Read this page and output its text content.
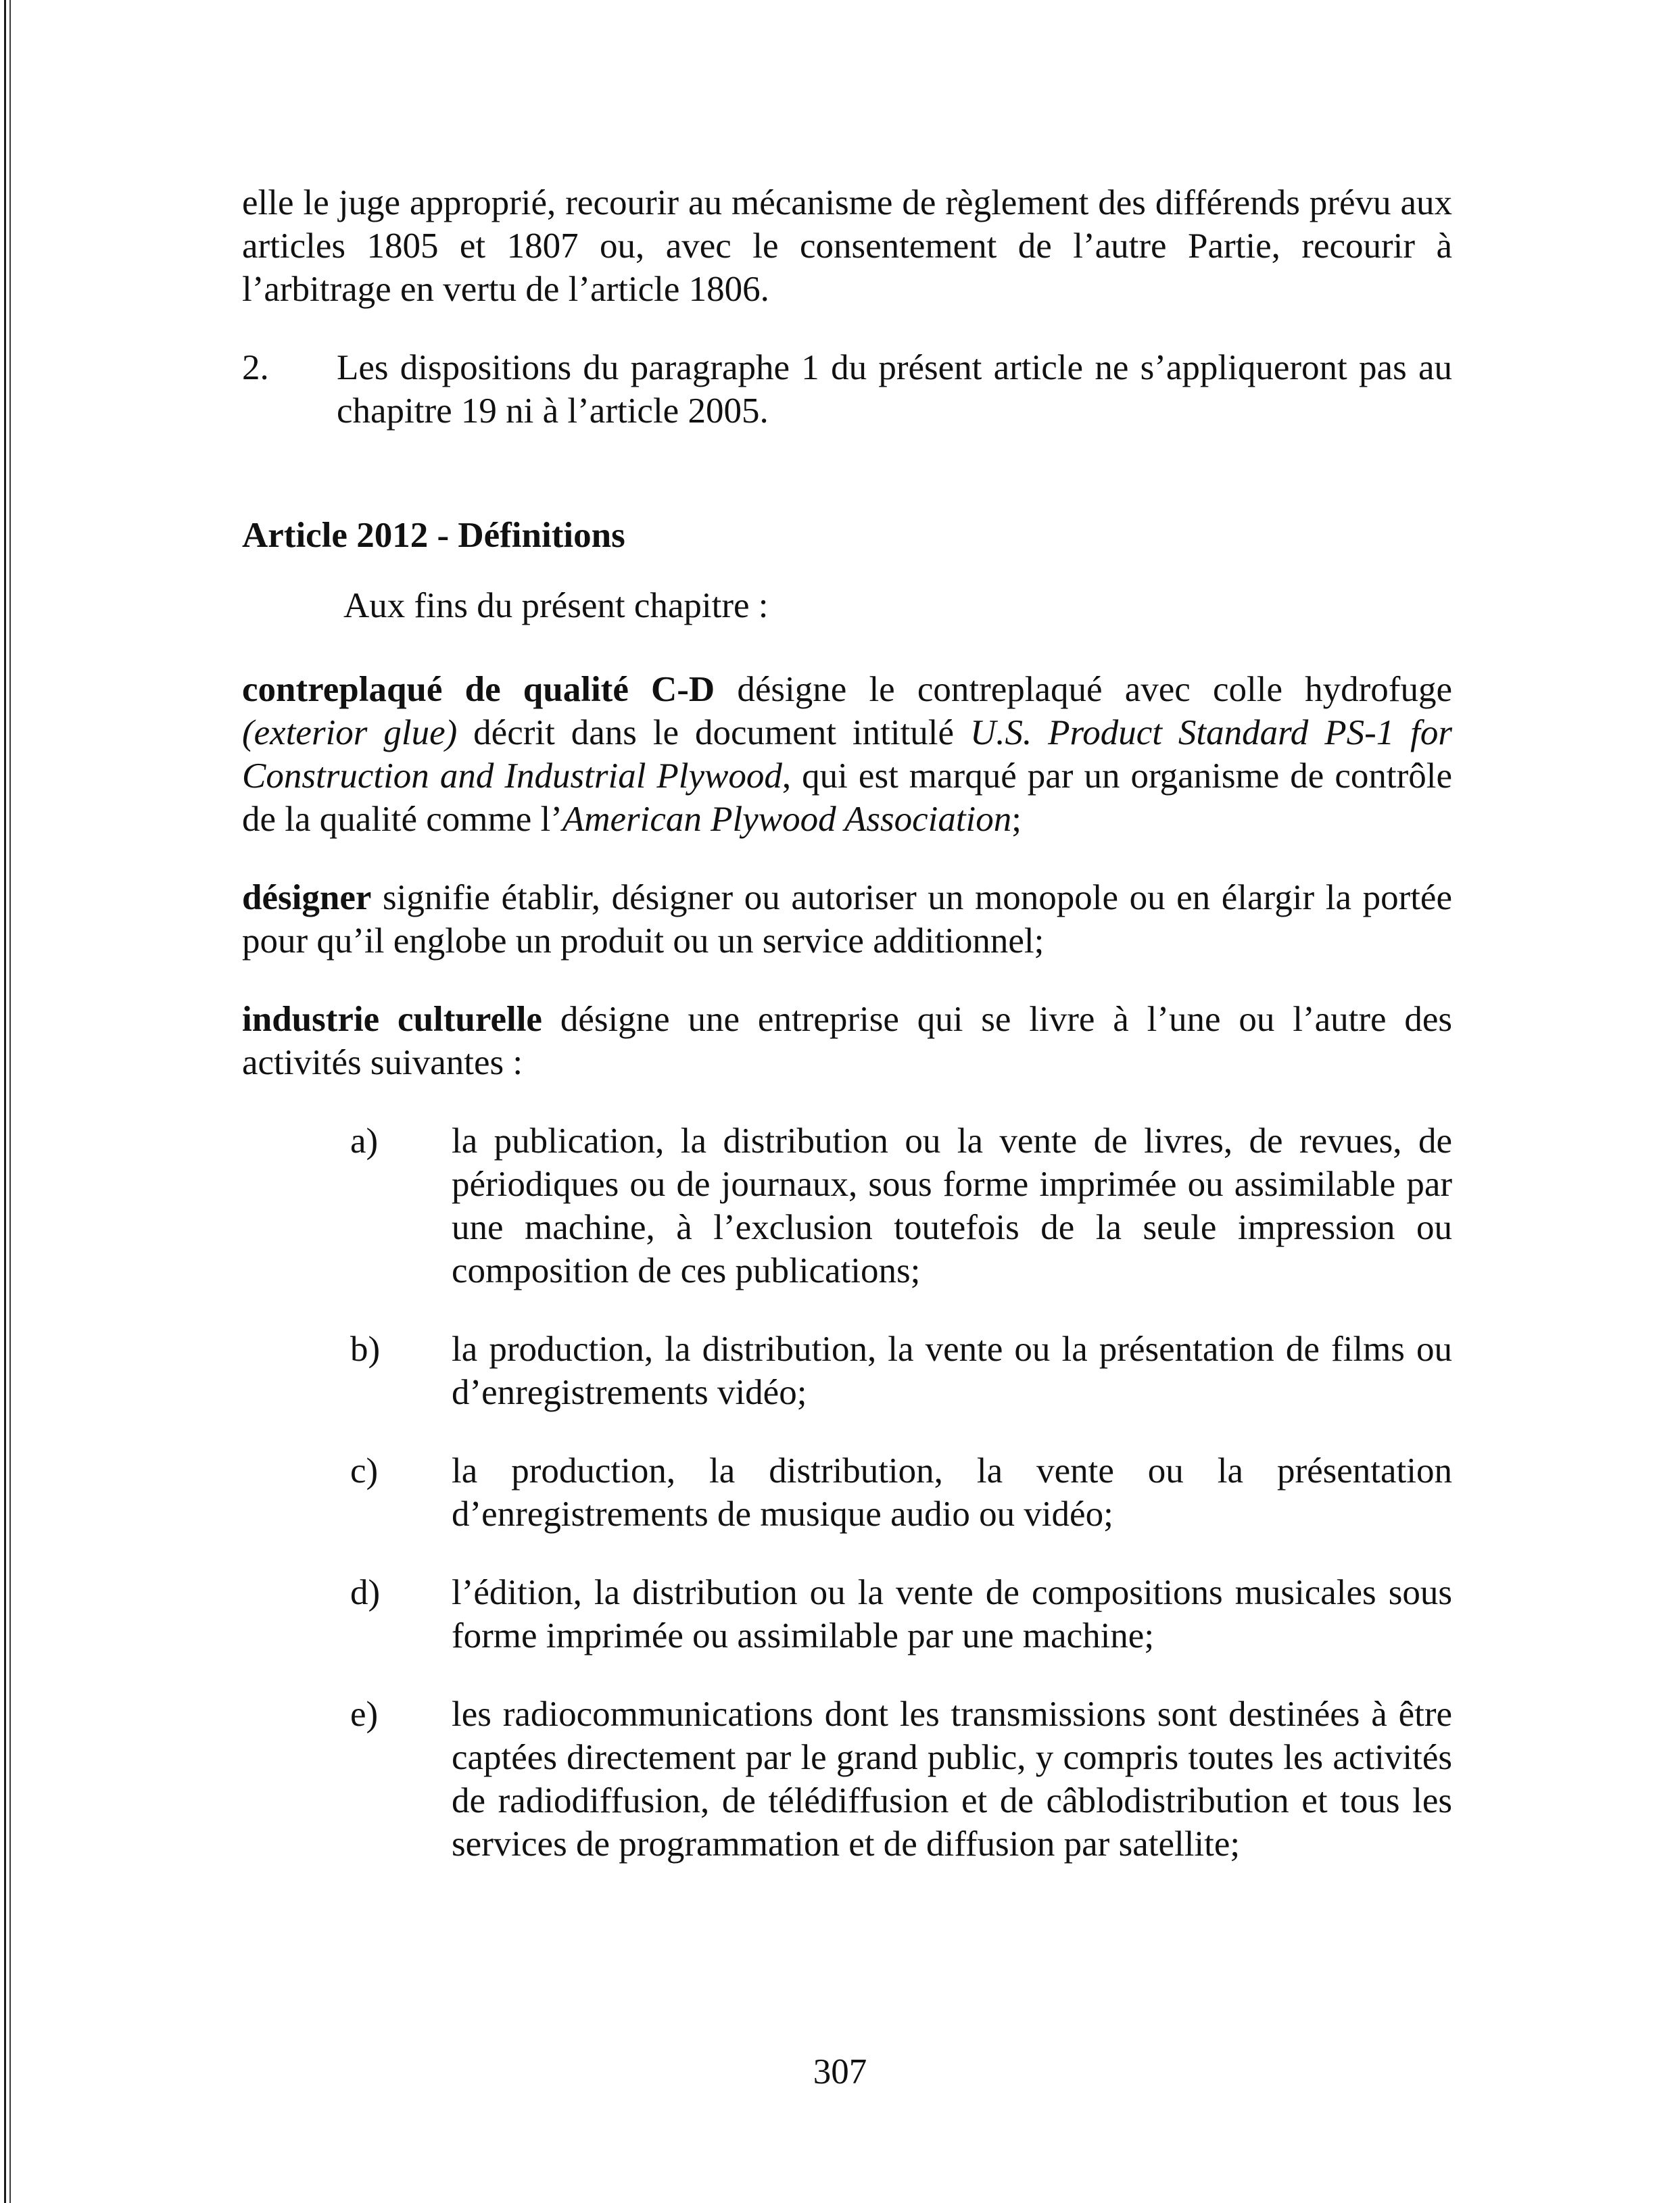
elle le juge approprié, recourir au mécanisme de règlement des différends prévu aux articles 1805 et 1807 ou, avec le consentement de l’autre Partie, recourir à l’arbitrage en vertu de l’article 1806.

2.	Les dispositions du paragraphe 1 du présent article ne s’appliqueront pas au chapitre 19 ni à l’article 2005.

Article 2012 - Définitions

Aux fins du présent chapitre :

contreplaqué de qualité C-D désigne le contreplaqué avec colle hydrofuge (exterior glue) décrit dans le document intitulé U.S. Product Standard PS-1 for Construction and Industrial Plywood, qui est marqué par un organisme de contrôle de la qualité comme l’American Plywood Association;

désigner signifie établir, désigner ou autoriser un monopole ou en élargir la portée pour qu’il englobe un produit ou un service additionnel;

industrie culturelle désigne une entreprise qui se livre à l’une ou l’autre des activités suivantes :

a)	la publication, la distribution ou la vente de livres, de revues, de périodiques ou de journaux, sous forme imprimée ou assimilable par une machine, à l’exclusion toutefois de la seule impression ou composition de ces publications;
b)	la production, la distribution, la vente ou la présentation de films ou d’enregistrements vidéo;
c)	la production, la distribution, la vente ou la présentation d’enregistrements de musique audio ou vidéo;
d)	l’édition, la distribution ou la vente de compositions musicales sous forme imprimée ou assimilable par une machine;
e)	les radiocommunications dont les transmissions sont destinées à être captées directement par le grand public, y compris toutes les activités de radiodiffusion, de télédiffusion et de câblodistribution et tous les services de programmation et de diffusion par satellite;
307
